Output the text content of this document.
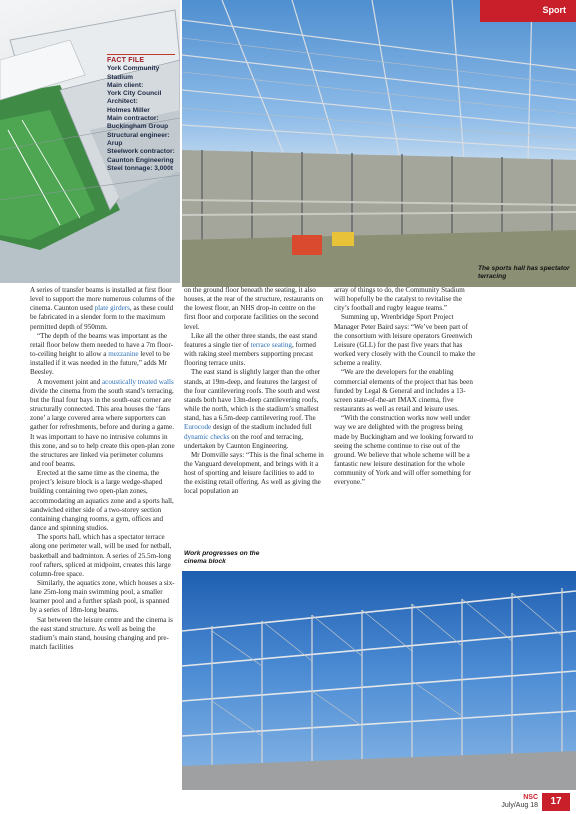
FACT FILE
York Community
Stadium
Main client:
York City Council
Architect:
Holmes Miller
Main contractor:
Buckingham Group
Structural engineer:
Arup
Steelwork contractor:
Caunton Engineering
Steel tonnage: 3,000t
Sport
The sports hall has spectator terracing

A series of transfer beams is installed at first floor level to support the more numerous columns of the cinema. Caunton used plate girders, as these could be fabricated in a slender form to the maximum permitted depth of 950mm.

“The depth of the beams was important as the retail floor below them needed to have a 7m floor-to-ceiling height to allow a mezzanine level to be installed if it was needed in the future,” adds Mr Beesley.

A movement joint and acoustically treated walls divide the cinema from the south stand’s terracing, but the final four bays in the south-east corner are structurally connected. This area houses the ‘fans zone’ a large covered area where supporters can gather for refreshments, before and during a game. It was important to have no intrusive columns in this zone, and so to help create this open-plan zone the structures are linked via perimeter columns and roof beams.

Erected at the same time as the cinema, the project’s leisure block is a large wedge-shaped building containing two open-plan zones, accommodating an aquatics zone and a sports hall, sandwiched either side of a two-storey section containing changing rooms, a gym, offices and dance and spinning studios.

The sports hall, which has a spectator terrace along one perimeter wall, will be used for netball, basketball and badminton. A series of 25.5m-long roof rafters, spliced at midpoint, creates this large column-free space.

Similarly, the aquatics zone, which houses a six-lane 25m-long main swimming pool, a smaller learner pool and a further splash pool, is spanned by a series of 18m-long beams.

Sat between the leisure centre and the cinema is the east stand structure. As well as being the stadium’s main stand, housing changing and pre-match facilities

on the ground floor beneath the seating, it also houses, at the rear of the structure, restaurants on the lowest floor, an NHS drop-in centre on the first floor and corporate facilities on the second level.

Like all the other three stands, the east stand features a single tier of terrace seating, formed with raking steel members supporting precast flooring terrace units.

The east stand is slightly larger than the other stands, at 19m-deep, and features the largest of the four cantilevering roofs. The south and west stands both have 13m-deep cantilevering roofs, while the north, which is the stadium’s smallest stand, has a 6.5m-deep cantilevering roof. The Eurocode design of the stadium included full dynamic checks on the roof and terracing, undertaken by Caunton Engineering.

Mr Domville says: “This is the final scheme in the Vanguard development, and brings with it a host of sporting and leisure facilities to add to the existing retail offering. As well as giving the local population an

array of things to do, the Community Stadium will hopefully be the catalyst to revitalise the city’s football and rugby league teams.”

Summing up, Wrenbridge Sport Project Manager Peter Baird says: “We’ve been part of the consortium with leisure operators Greenwich Leisure (GLL) for the past five years that has worked very closely with the Council to make the scheme a reality.

“We are the developers for the enabling commercial elements of the project that has been funded by Legal & General and includes a 13-screen state-of-the-art IMAX cinema, five restaurants as well as retail and leisure uses.

“With the construction works now well under way we are delighted with the progress being made by Buckingham and we looking forward to seeing the scheme continue to rise out of the ground. We believe that whole scheme will be a fantastic new leisure destination for the whole community of York and will offer something for everyone.”

Work progresses on the cinema block
NSC
July/Aug 18	17
